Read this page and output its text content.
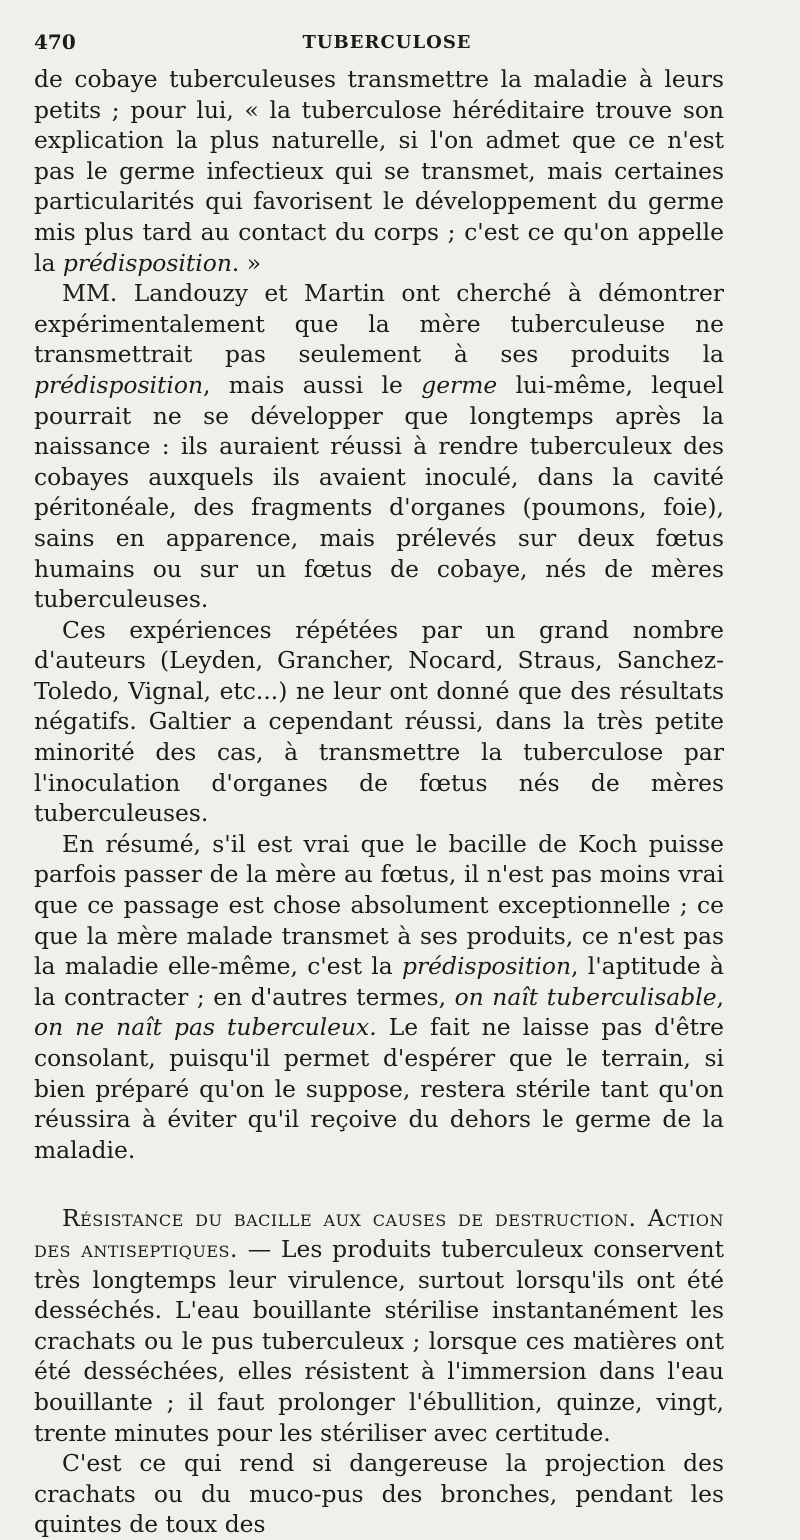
470	TUBERCULOSE

de cobaye tuberculeuses transmettre la maladie à leurs petits ; pour lui, « la tuberculose héréditaire trouve son explication la plus naturelle, si l'on admet que ce n'est pas le germe infectieux qui se transmet, mais certaines particularités qui favorisent le développement du germe mis plus tard au contact du corps ; c'est ce qu'on appelle la prédisposition. »

MM. Landouzy et Martin ont cherché à démontrer expérimentalement que la mère tuberculeuse ne transmettrait pas seulement à ses produits la prédisposition, mais aussi le germe lui-même, lequel pourrait ne se développer que longtemps après la naissance : ils auraient réussi à rendre tuberculeux des cobayes auxquels ils avaient inoculé, dans la cavité péritonéale, des fragments d'organes (poumons, foie), sains en apparence, mais prélevés sur deux fœtus humains ou sur un fœtus de cobaye, nés de mères tuberculeuses.

Ces expériences répétées par un grand nombre d'auteurs (Leyden, Grancher, Nocard, Straus, Sanchez-Toledo, Vignal, etc...) ne leur ont donné que des résultats négatifs. Galtier a cependant réussi, dans la très petite minorité des cas, à transmettre la tuberculose par l'inoculation d'organes de fœtus nés de mères tuberculeuses.

En résumé, s'il est vrai que le bacille de Koch puisse parfois passer de la mère au fœtus, il n'est pas moins vrai que ce passage est chose absolument exceptionnelle ; ce que la mère malade transmet à ses produits, ce n'est pas la maladie elle-même, c'est la prédisposition, l'aptitude à la contracter ; en d'autres termes, on naît tuberculisable, on ne naît pas tuberculeux. Le fait ne laisse pas d'être consolant, puisqu'il permet d'espérer que le terrain, si bien préparé qu'on le suppose, restera stérile tant qu'on réussira à éviter qu'il reçoive du dehors le germe de la maladie.

Résistance du bacille aux causes de destruction. Action des antiseptiques. — Les produits tuberculeux conservent très longtemps leur virulence, surtout lorsqu'ils ont été desséchés. L'eau bouillante stérilise instantanément les crachats ou le pus tuberculeux ; lorsque ces matières ont été desséchées, elles résistent à l'immersion dans l'eau bouillante ; il faut prolonger l'ébullition, quinze, vingt, trente minutes pour les stériliser avec certitude.

C'est ce qui rend si dangereuse la projection des crachats ou du muco-pus des bronches, pendant les quintes de toux des
